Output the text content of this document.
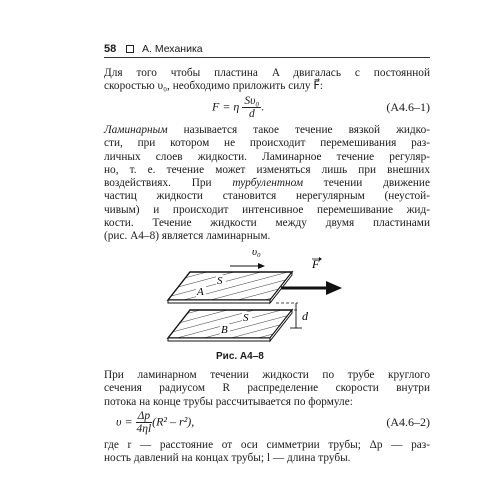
58 А. Механика
Для того чтобы пластина A двигалась с постоянной
скоростью υ₀, необходимо приложить силу F⃗:
F = η $\frac{\text{Sυ₀}}{d}$ .	(А4.6–1)
Ламинарным называется такое течение вязкой жидко-
сти, при котором не происходит перемешивания раз-
личных слоев жидкости. Ламинарное течение регуляр-
но, т. е. течение может изменяться лишь при внешних
воздействиях. При турбулентном течении движение
частиц жидкости становится нерегулярным (неустой-
чивым) и происходит интенсивное перемешивание жид-
кости. Течение жидкости между двумя пластинами
(рис. А4–8) является ламинарным.
υ₀
S
A
F
d
S
B
Рис. А4–8
При ламинарном течении жидкости по трубе круглого
сечения радиусом R распределение скорости внутри
потока на конце трубы рассчитывается по формуле:
$\upsilon = \frac{\Delta p}{4\eta l} (R^2 - r^2)$,	(А4.6–2)
где r — расстояние от оси симметрии трубы; Δp — раз-
ность давлений на концах трубы; l — длина трубы.
